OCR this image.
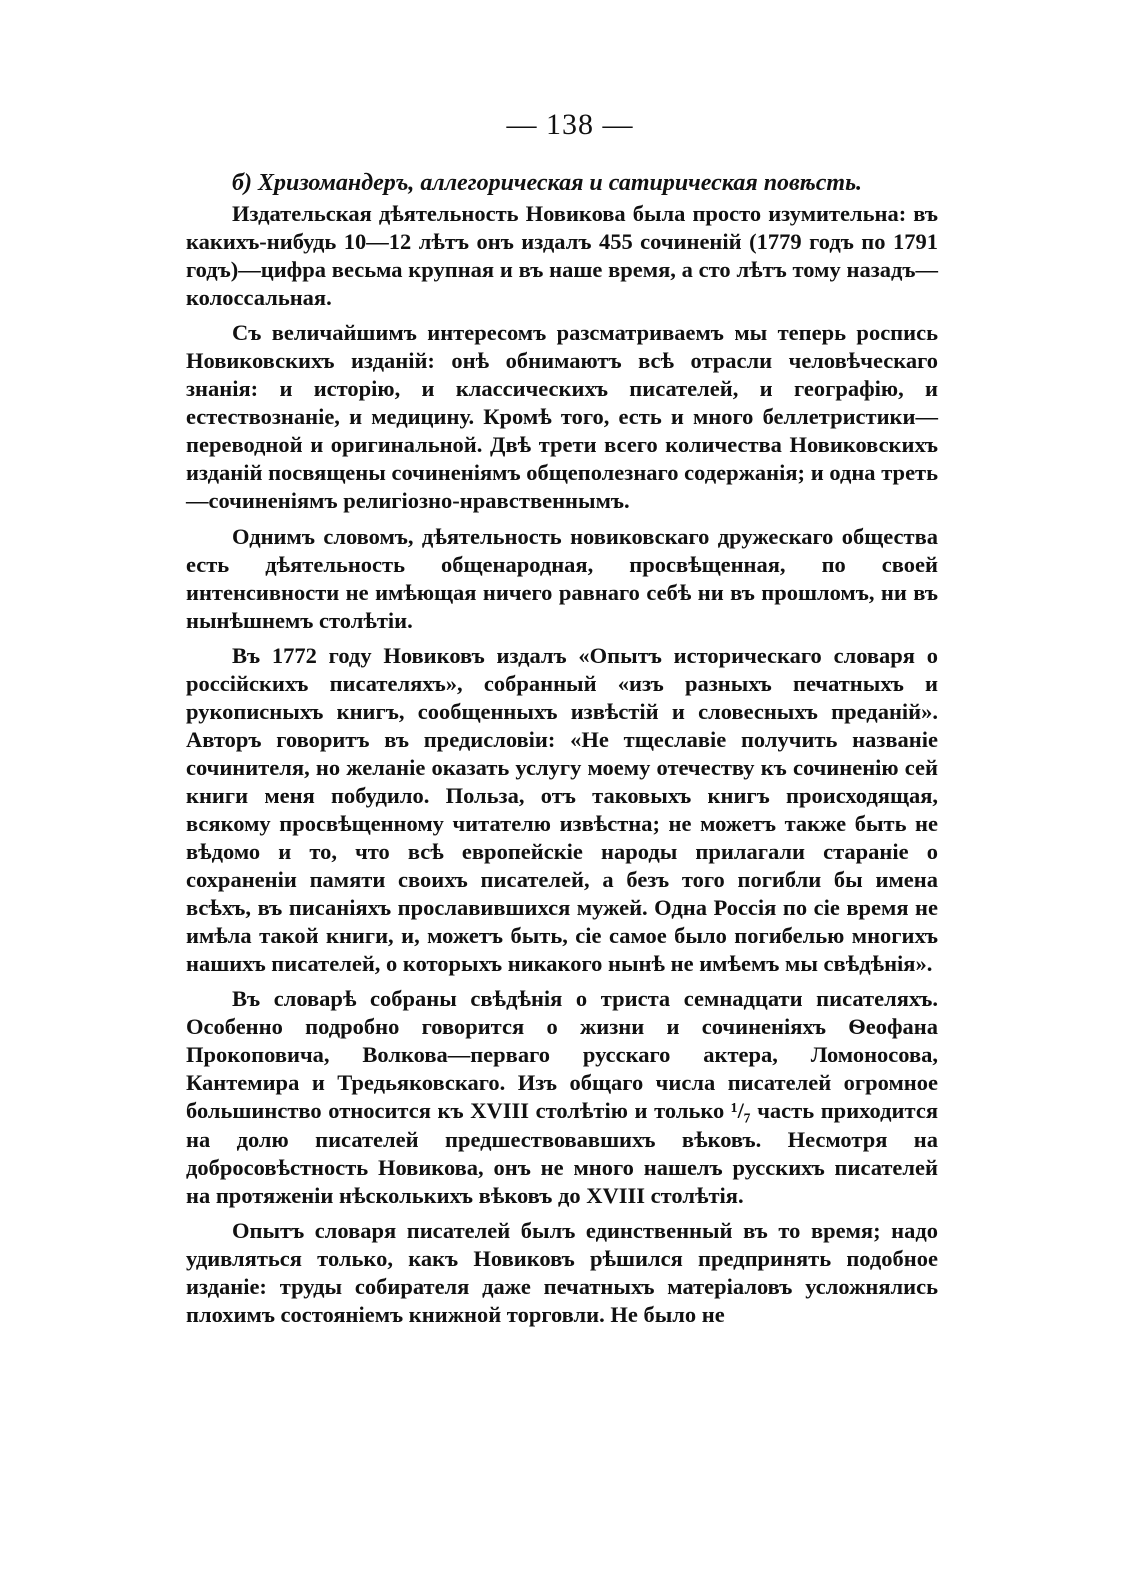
— 138 —

б) Хризомандеръ, аллегорическая и сатирическая повѣсть.

Издательская дѣятельность Новикова была просто изумительна: въ какихъ-нибудь 10—12 лѣтъ онъ издалъ 455 сочиненій (1779 годъ по 1791 годъ)—цифра весьма крупная и въ наше время, а сто лѣтъ тому назадъ—колоссальная.

Съ величайшимъ интересомъ разсматриваемъ мы теперь роспись Новиковскихъ изданій: онѣ обнимаютъ всѣ отрасли человѣческаго знанія: и исторію, и классическихъ писателей, и географію, и естествознаніе, и медицину. Кромѣ того, есть и много беллетристики—переводной и оригинальной. Двѣ трети всего количества Новиковскихъ изданій посвящены сочиненіямъ общеполезнаго содержанія; и одна треть—сочиненіямъ религіозно-нравственнымъ.

Однимъ словомъ, дѣятельность новиковскаго дружескаго общества есть дѣятельность общенародная, просвѣщенная, по своей интенсивности не имѣющая ничего равнаго себѣ ни въ прошломъ, ни въ нынѣшнемъ столѣтіи.

Въ 1772 году Новиковъ издалъ «Опытъ историческаго словаря о россійскихъ писателяхъ», собранный «изъ разныхъ печатныхъ и рукописныхъ книгъ, сообщенныхъ извѣстій и словесныхъ преданій». Авторъ говоритъ въ предисловіи: «Не тщеславіе получить названіе сочинителя, но желаніе оказать услугу моему отечеству къ сочиненію сей книги меня побудило. Польза, отъ таковыхъ книгъ происходящая, всякому просвѣщенному читателю извѣстна; не можетъ также быть не вѣдомо и то, что всѣ европейскіе народы прилагали стараніе о сохраненіи памяти своихъ писателей, а безъ того погибли бы имена всѣхъ, въ писаніяхъ прославившихся мужей. Одна Россія по сіе время не имѣла такой книги, и, можетъ быть, сіе самое было погибелью многихъ нашихъ писателей, о которыхъ никакого нынѣ не имѣемъ мы свѣдѣнія».

Въ словарѣ собраны свѣдѣнія о триста семнадцати писателяхъ. Особенно подробно говорится о жизни и сочиненіяхъ Ѳеофана Прокоповича, Волкова—перваго русскаго актера, Ломоносова, Кантемира и Тредьяковскаго. Изъ общаго числа писателей огромное большинство относится къ XVIII столѣтію и только ¹/₇ часть приходится на долю писателей предшествовавшихъ вѣковъ. Несмотря на добросовѣстность Новикова, онъ не много нашелъ русскихъ писателей на протяженіи нѣсколькихъ вѣковъ до XVIII столѣтія.

Опытъ словаря писателей былъ единственный въ то время; надо удивляться только, какъ Новиковъ рѣшился предпринять подобное изданіе: труды собирателя даже печатныхъ матеріаловъ усложнялись плохимъ состояніемъ книжной торговли. Не было не
